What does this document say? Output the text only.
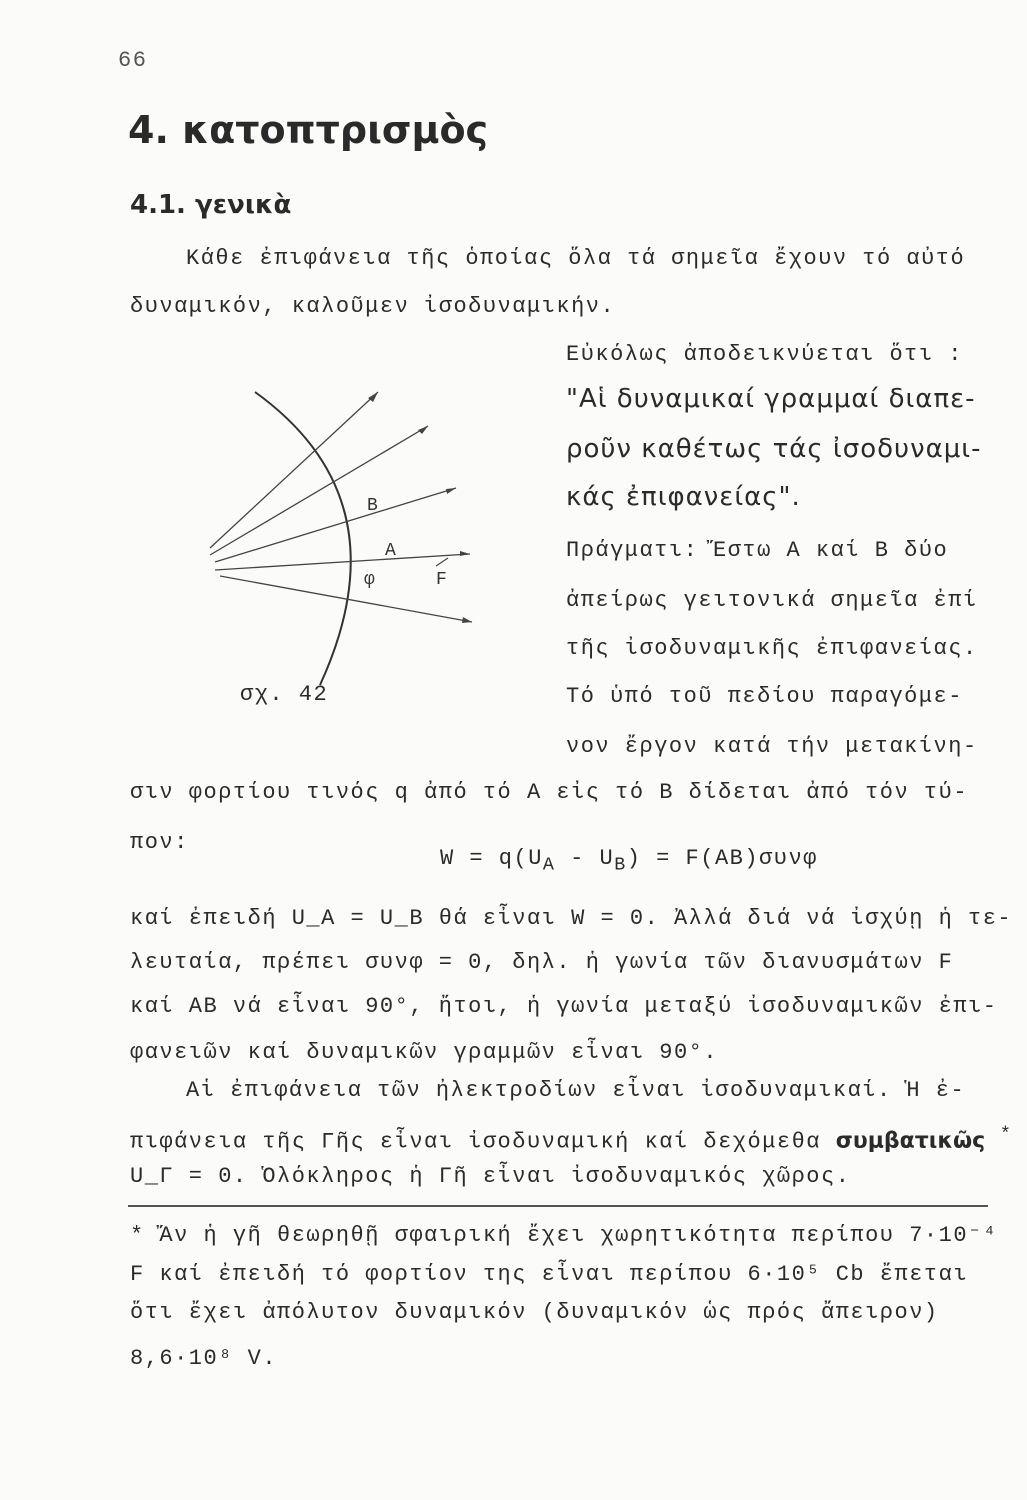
66
4. κατοπτρισμὸς
4.1. γενικὰ
Κάθε ἐπιφάνεια τῆς ὁποίας ὅλα τά σημεῖα ἔχουν τό αὐτό
δυναμικόν, καλοῦμεν ἰσοδυναμικήν.
Εὐκόλως ἀποδεικνύεται ὅτι :
"Αἱ δυναμικαί γραμμαί διαπε-
ροῦν καθέτως τάς ἰσοδυναμι-
κάς ἐπιφανείας".
Πράγματι: Ἔστω Α καί Β δύο
ἀπείρως γειτονικά σημεῖα ἐπί
τῆς ἰσοδυναμικῆς ἐπιφανείας.
Τό ὑπό τοῦ πεδίου παραγόμε-
νον ἔργον κατά τήν μετακίνη-
B
A
φ	F
σχ. 42
σιν φορτίου τινός q ἀπό τό Α εἰς τό Β δίδεται ἀπό τόν τύ-
πον:
$W = q(U_A - U_B) = F(AB)\sigma\upsilon\nu\varphi$
καί ἐπειδή U_A = U_B θά εἶναι W = 0. Ἀλλά διά νά ἰσχύῃ ἡ τε-
λευταία, πρέπει συνφ = 0, δηλ. ἡ γωνία τῶν διανυσμάτων F
καί AB νά εἶναι 90°, ἤτοι, ἡ γωνία μεταξύ ἰσοδυναμικῶν ἐπι-
φανειῶν καί δυναμικῶν γραμμῶν εἶναι 90°.
Αἱ ἐπιφάνεια τῶν ἠλεκτροδίων εἶναι ἰσοδυναμικαί. Ἡ ἐ-
πιφάνεια τῆς Γῆς εἶναι ἰσοδυναμική καί δεχόμεθα συμβατικῶς *
U_Γ = 0. Ὁλόκληρος ἡ Γῆ εἶναι ἰσοδυναμικός χῶρος.
* Ἄν ἡ γῆ θεωρηθῇ σφαιρική ἔχει χωρητικότητα περίπου 7·10⁻⁴
F καί ἐπειδή τό φορτίον της εἶναι περίπου 6·10⁵ Cb ἔπεται
ὅτι ἔχει ἀπόλυτον δυναμικόν (δυναμικόν ὡς πρός ἄπειρον)
8,6·10⁸ V.
